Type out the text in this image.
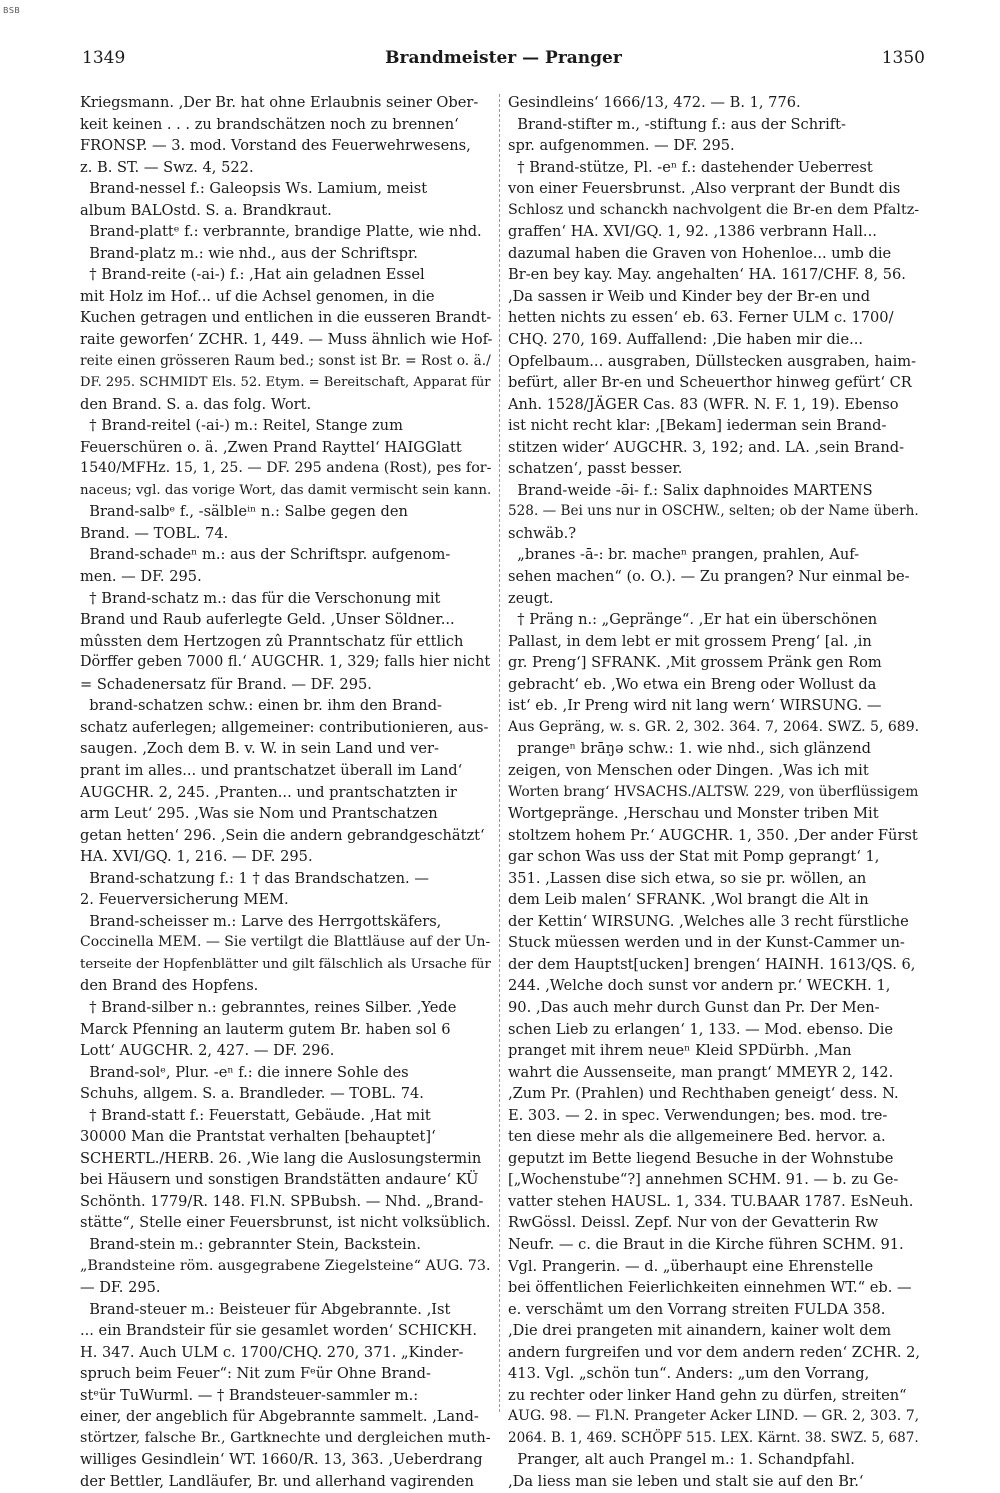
BSB
1349	Brandmeister — Pranger	1350
Kriegsmann. ‚Der Br. hat ohne Erlaubnis seiner Ober-
keit keinen . . . zu brandschätzen noch zu brennen‘
FRONSP. — 3. mod. Vorstand des Feuerwehrwesens,
z. B. ST. — Swz. 4, 522.
Brand-nessel f.: Galeopsis Ws. Lamium, meist
album BALOstd. S. a. Brandkraut.
Brand-plattᵉ f.: verbrannte, brandige Platte, wie nhd.
Brand-platz m.: wie nhd., aus der Schriftspr.
† Brand-reite (-ai-) f.: ‚Hat ain geladnen Essel
mit Holz im Hof... uf die Achsel genomen, in die
Kuchen getragen und entlichen in die eusseren Brandt-
raite geworfen‘ ZCHR. 1, 449. — Muss ähnlich wie Hof-
reite einen grösseren Raum bed.; sonst ist Br. = Rost o. ä./
DF. 295. SCHMIDT Els. 52. Etym. = Bereitschaft, Apparat für
den Brand. S. a. das folg. Wort.
† Brand-reitel (-ai-) m.: Reitel, Stange zum
Feuerschüren o. ä. ‚Zwen Prand Rayttel‘ HAIGGlatt
1540/MFHz. 15, 1, 25. — DF. 295 andena (Rost), pes for-
naceus; vgl. das vorige Wort, das damit vermischt sein kann.
Brand-salbᵉ f., -sälbleⁱⁿ n.: Salbe gegen den
Brand. — TOBL. 74.
Brand-schadeⁿ m.: aus der Schriftspr. aufgenom-
men. — DF. 295.
† Brand-schatz m.: das für die Verschonung mit
Brand und Raub auferlegte Geld. ‚Unser Söldner...
mûssten dem Hertzogen zû Pranntschatz für ettlich
Dörffer geben 7000 fl.‘ AUGCHR. 1, 329; falls hier nicht
= Schadenersatz für Brand. — DF. 295.
brand-schatzen schw.: einen br. ihm den Brand-
schatz auferlegen; allgemeiner: contributionieren, aus-
saugen. ‚Zoch dem B. v. W. in sein Land und ver-
prant im alles... und prantschatzet überall im Land‘
AUGCHR. 2, 245. ‚Pranten... und prantschatzten ir
arm Leut‘ 295. ‚Was sie Nom und Prantschatzen
getan hetten‘ 296. ‚Sein die andern gebrandgeschätzt‘
HA. XVI/GQ. 1, 216. — DF. 295.
Brand-schatzung f.: 1 † das Brandschatzen. —
2. Feuerversicherung MEM.
Brand-scheisser m.: Larve des Herrgottskäfers,
Coccinella MEM. — Sie vertilgt die Blattläuse auf der Un-
terseite der Hopfenblätter und gilt fälschlich als Ursache für
den Brand des Hopfens.
† Brand-silber n.: gebranntes, reines Silber. ‚Yede
Marck Pfenning an lauterm gutem Br. haben sol 6
Lott‘ AUGCHR. 2, 427. — DF. 296.
Brand-solᵉ, Plur. -eⁿ f.: die innere Sohle des
Schuhs, allgem. S. a. Brandleder. — TOBL. 74.
† Brand-statt f.: Feuerstatt, Gebäude. ‚Hat mit
30000 Man die Prantstat verhalten [behauptet]‘
SCHERTL./HERB. 26. ‚Wie lang die Auslosungstermin
bei Häusern und sonstigen Brandstätten andaure‘ KÜ
Schönth. 1779/R. 148. Fl.N. SPBubsh. — Nhd. „Brand-
stätte“, Stelle einer Feuersbrunst, ist nicht volksüblich.
Brand-stein m.: gebrannter Stein, Backstein.
„Brandsteine röm. ausgegrabene Ziegelsteine“ AUG. 73.
— DF. 295.
Brand-steuer m.: Beisteuer für Abgebrannte. ‚Ist
... ein Brandsteir für sie gesamlet worden‘ SCHICKH.
H. 347. Auch ULM c. 1700/CHQ. 270, 371. „Kinder-
spruch beim Feuer“: Nit zum Fᵉür Ohne Brand-
stᵉür TuWurml. — † Brandsteuer-sammler m.:
einer, der angeblich für Abgebrannte sammelt. ‚Land-
störtzer, falsche Br., Gartknechte und dergleichen muth-
williges Gesindlein‘ WT. 1660/R. 13, 363. ‚Ueberdrang
der Bettler, Landläufer, Br. und allerhand vagirenden
Gesindleins‘ 1666/13, 472. — B. 1, 776.
Brand-stifter m., -stiftung f.: aus der Schrift-
spr. aufgenommen. — DF. 295.
† Brand-stütze, Pl. -eⁿ f.: dastehender Ueberrest
von einer Feuersbrunst. ‚Also verprant der Bundt dis
Schlosz und schanckh nachvolgent die Br-en dem Pfaltz-
graffen‘ HA. XVI/GQ. 1, 92. ‚1386 verbrann Hall...
dazumal haben die Graven von Hohenloe... umb die
Br-en bey kay. May. angehalten‘ HA. 1617/CHF. 8, 56.
‚Da sassen ir Weib und Kinder bey der Br-en und
hetten nichts zu essen‘ eb. 63. Ferner ULM c. 1700/
CHQ. 270, 169. Auffallend: ‚Die haben mir die...
Opfelbaum... ausgraben, Düllstecken ausgraben, haim-
befürt, aller Br-en und Scheuerthor hinweg gefürt‘ CR
Anh. 1528/JÄGER Cas. 83 (WFR. N. F. 1, 19). Ebenso
ist nicht recht klar: ‚[Bekam] iederman sein Brand-
stitzen wider‘ AUGCHR. 3, 192; and. LA. ‚sein Brand-
schatzen‘, passt besser.
Brand-weide -ə̄i- f.: Salix daphnoides MARTENS
528. — Bei uns nur in OSCHW., selten; ob der Name überh.
schwäb.?
„branes -ā-: br. macheⁿ prangen, prahlen, Auf-
sehen machen“ (o. O.). — Zu prangen? Nur einmal be-
zeugt.
† Präng n.: „Gepränge“. ‚Er hat ein überschönen
Pallast, in dem lebt er mit grossem Preng‘ [al. ‚in
gr. Preng‘] SFRANK. ‚Mit grossem Pränk gen Rom
gebracht‘ eb. ‚Wo etwa ein Breng oder Wollust da
ist‘ eb. ‚Ir Preng wird nit lang wern‘ WIRSUNG. —
Aus Gepräng, w. s. GR. 2, 302. 364. 7, 2064. SWZ. 5, 689.
prangeⁿ brāŋə schw.: 1. wie nhd., sich glänzend
zeigen, von Menschen oder Dingen. ‚Was ich mit
Worten brang‘ HVSACHS./ALTSW. 229, von überflüssigem
Wortgepränge. ‚Herschau und Monster triben Mit
stoltzem hohem Pr.‘ AUGCHR. 1, 350. ‚Der ander Fürst
gar schon Was uss der Stat mit Pomp geprangt‘ 1,
351. ‚Lassen dise sich etwa, so sie pr. wöllen, an
dem Leib malen‘ SFRANK. ‚Wol brangt die Alt in
der Kettin‘ WIRSUNG. ‚Welches alle 3 recht fürstliche
Stuck müessen werden und in der Kunst-Cammer un-
der dem Hauptst[ucken] brengen‘ HAINH. 1613/QS. 6,
244. ‚Welche doch sunst vor andern pr.‘ WECKH. 1,
90. ‚Das auch mehr durch Gunst dan Pr. Der Men-
schen Lieb zu erlangen‘ 1, 133. — Mod. ebenso. Die
pranget mit ihrem neueⁿ Kleid SPDürbh. ‚Man
wahrt die Aussenseite, man prangt‘ MMEYR 2, 142.
‚Zum Pr. (Prahlen) und Rechthaben geneigt‘ dess. N.
E. 303. — 2. in spec. Verwendungen; bes. mod. tre-
ten diese mehr als die allgemeinere Bed. hervor. a.
geputzt im Bette liegend Besuche in der Wohnstube
[„Wochenstube“?] annehmen SCHM. 91. — b. zu Ge-
vatter stehen HAUSL. 1, 334. TU.BAAR 1787. EsNeuh.
RwGössl. Deissl. Zepf. Nur von der Gevatterin Rw
Neufr. — c. die Braut in die Kirche führen SCHM. 91.
Vgl. Prangerin. — d. „überhaupt eine Ehrenstelle
bei öffentlichen Feierlichkeiten einnehmen WT.“ eb. —
e. verschämt um den Vorrang streiten FULDA 358.
‚Die drei prangeten mit ainandern, kainer wolt dem
andern furgreifen und vor dem andern reden‘ ZCHR. 2,
413. Vgl. „schön tun“. Anders: „um den Vorrang,
zu rechter oder linker Hand gehn zu dürfen, streiten“
AUG. 98. — Fl.N. Prangeter Acker LIND. — GR. 2, 303. 7,
2064. B. 1, 469. SCHÖPF 515. LEX. Kärnt. 38. SWZ. 5, 687.
Pranger, alt auch Prangel m.: 1. Schandpfahl.
‚Da liess man sie leben und stalt sie auf den Br.‘
